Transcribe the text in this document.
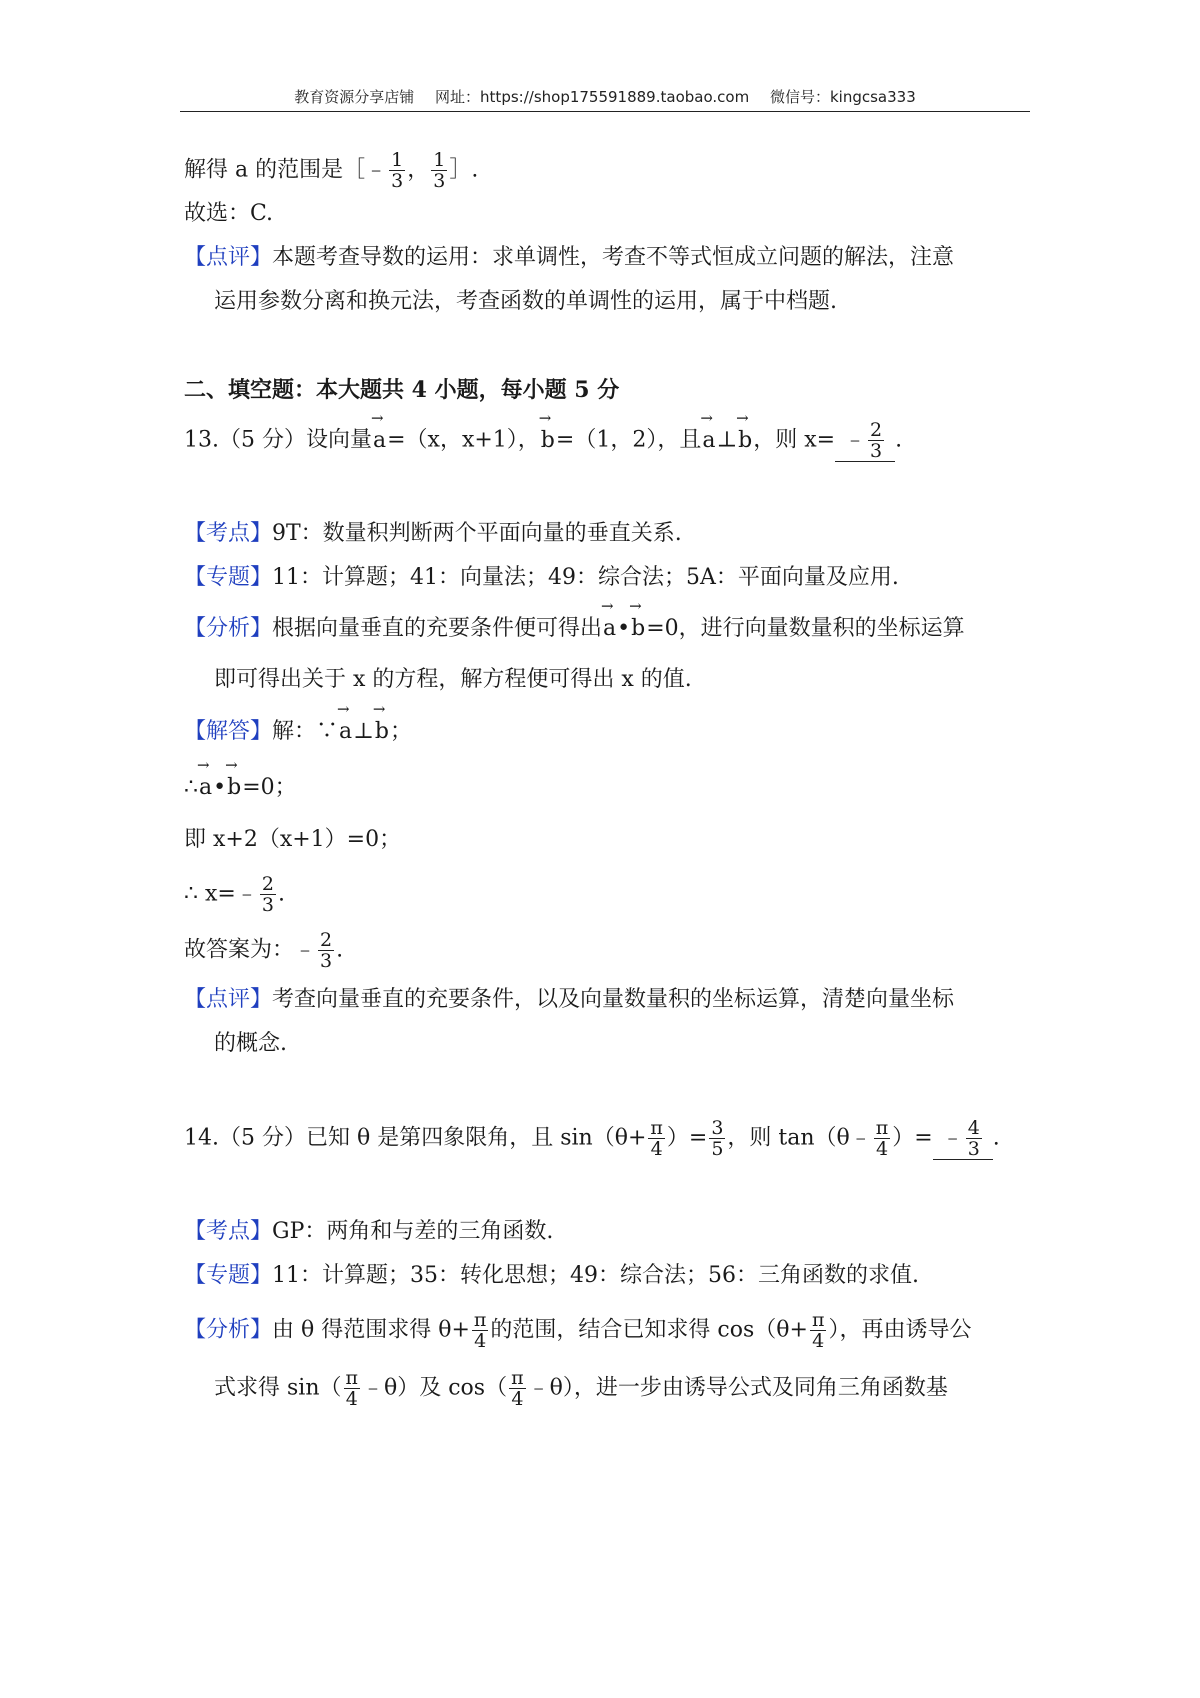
教育资源分享店铺 网址：https://shop175591889.taobao.com 微信号：kingcsa333
解得 a 的范围是［﹣ $\frac{1}{3}$ ， $\frac{1}{3}$ ］.
故选：C.
【点评】本题考查导数的运用：求单调性，考查不等式恒成立问题的解法，注意
运用参数分离和换元法，考查函数的单调性的运用，属于中档题.
二、填空题：本大题共 4 小题，每小题 5 分
13.（5 分）设向量→ a=（x，x+1），→ b=（1，2），且→ a⊥→ b，则 x= ﹣ $\frac{2}{3}$ .
【考点】9T：数量积判断两个平面向量的垂直关系.
【专题】11：计算题；41：向量法；49：综合法；5A：平面向量及应用.
【分析】根据向量垂直的充要条件便可得出→ a•→ b=0，进行向量数量积的坐标运算
即可得出关于 x 的方程，解方程便可得出 x 的值.
【解答】解：∵→ a⊥→ b；
∴→ a•→ b=0；
即 x+2（x+1）=0；
∴ x=﹣ $\frac{2}{3}$ .
故答案为：﹣ $\frac{2}{3}$ .
【点评】考查向量垂直的充要条件，以及向量数量积的坐标运算，清楚向量坐标
的概念.
14.（5 分）已知 θ 是第四象限角，且 $\sin(\theta+ \frac{\pi}{4}$ ）= $\frac{3}{5}$ ，则 tan（θ﹣ $\frac{\pi}{4}$ ）= ﹣ $\frac{4}{3}$ .
【考点】GP：两角和与差的三角函数.
【专题】11：计算题；35：转化思想；49：综合法；56：三角函数的求值.
【分析】由 θ 得范围求得 $\theta+ \frac{\pi}{4}$ 的范围，结合已知求得 $\cos(\theta+ \frac{\pi}{4}$ ），再由诱导公
式求得 $\sin( \frac{\pi}{4}$ ﹣θ）及 $\cos( \frac{\pi}{4}$ ﹣θ），进一步由诱导公式及同角三角函数基
